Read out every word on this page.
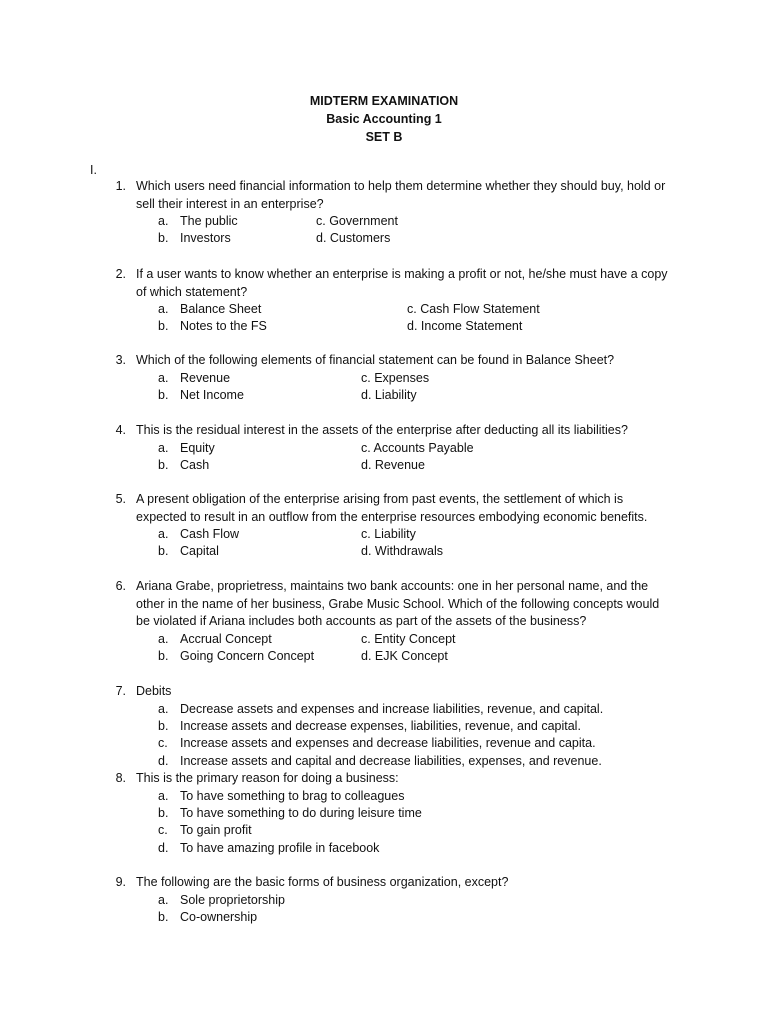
MIDTERM EXAMINATION
Basic Accounting 1
SET B
I.
1. Which users need financial information to help them determine whether they should buy, hold or sell their interest in an enterprise?
a. The public	c. Government
b. Investors	d. Customers
2. If a user wants to know whether an enterprise is making a profit or not, he/she must have a copy of which statement?
a. Balance Sheet	c. Cash Flow Statement
b. Notes to the FS	d. Income Statement
3. Which of the following elements of financial statement can be found in Balance Sheet?
a. Revenue	c. Expenses
b. Net Income	d. Liability
4. This is the residual interest in the assets of the enterprise after deducting all its liabilities?
a. Equity	c. Accounts Payable
b. Cash	d. Revenue
5. A present obligation of the enterprise arising from past events, the settlement of which is expected to result in an outflow from the enterprise resources embodying economic benefits.
a. Cash Flow	c. Liability
b. Capital	d. Withdrawals
6. Ariana Grabe, proprietress, maintains two bank accounts: one in her personal name, and the other in the name of her business, Grabe Music School. Which of the following concepts would be violated if Ariana includes both accounts as part of the assets of the business?
a. Accrual Concept	c. Entity Concept
b. Going Concern Concept	d. EJK Concept
7. Debits
a. Decrease assets and expenses and increase liabilities, revenue, and capital.
b. Increase assets and decrease expenses, liabilities, revenue, and capital.
c. Increase assets and expenses and decrease liabilities, revenue and capita.
d. Increase assets and capital and decrease liabilities, expenses, and revenue.
8. This is the primary reason for doing a business:
a. To have something to brag to colleagues
b. To have something to do during leisure time
c. To gain profit
d. To have amazing profile in facebook
9. The following are the basic forms of business organization, except?
a. Sole proprietorship
b. Co-ownership
